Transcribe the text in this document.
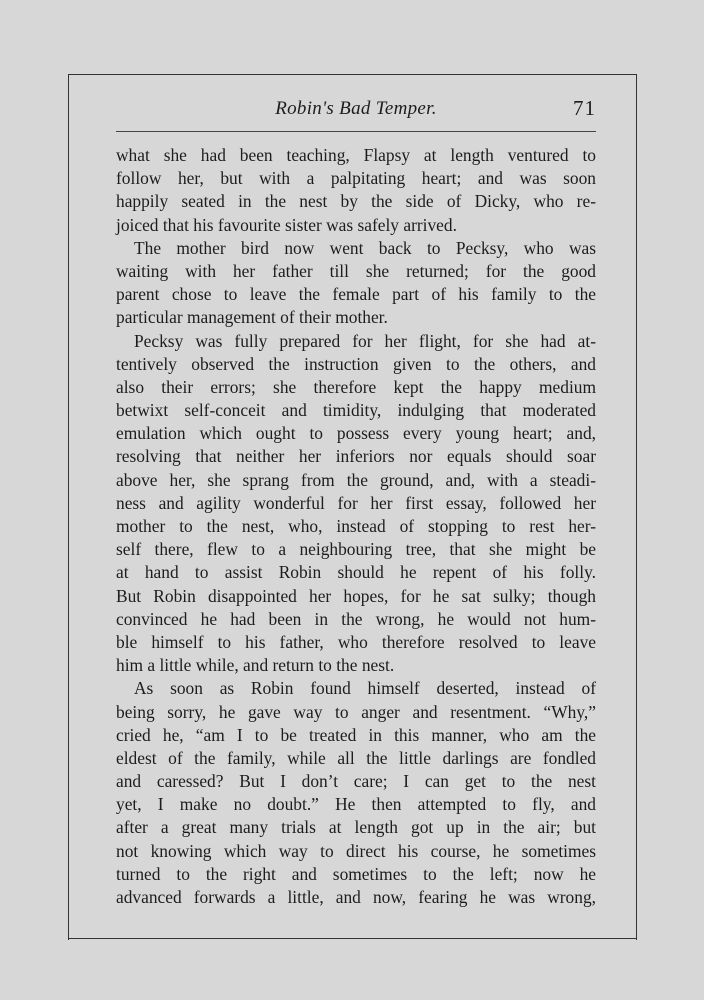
Robin's Bad Temper.	71
what she had been teaching, Flapsy at length ventured to
follow her, but with a palpitating heart; and was soon
happily seated in the nest by the side of Dicky, who re-
joiced that his favourite sister was safely arrived.
The mother bird now went back to Pecksy, who was
waiting with her father till she returned; for the good
parent chose to leave the female part of his family to the
particular management of their mother.
Pecksy was fully prepared for her flight, for she had at-
tentively observed the instruction given to the others, and
also their errors; she therefore kept the happy medium
betwixt self-conceit and timidity, indulging that moderated
emulation which ought to possess every young heart; and,
resolving that neither her inferiors nor equals should soar
above her, she sprang from the ground, and, with a steadi-
ness and agility wonderful for her first essay, followed her
mother to the nest, who, instead of stopping to rest her-
self there, flew to a neighbouring tree, that she might be
at hand to assist Robin should he repent of his folly.
But Robin disappointed her hopes, for he sat sulky; though
convinced he had been in the wrong, he would not hum-
ble himself to his father, who therefore resolved to leave
him a little while, and return to the nest.
As soon as Robin found himself deserted, instead of
being sorry, he gave way to anger and resentment. “Why,”
cried he, “am I to be treated in this manner, who am the
eldest of the family, while all the little darlings are fondled
and caressed? But I don’t care; I can get to the nest
yet, I make no doubt.” He then attempted to fly, and
after a great many trials at length got up in the air; but
not knowing which way to direct his course, he sometimes
turned to the right and sometimes to the left; now he
advanced forwards a little, and now, fearing he was wrong,
